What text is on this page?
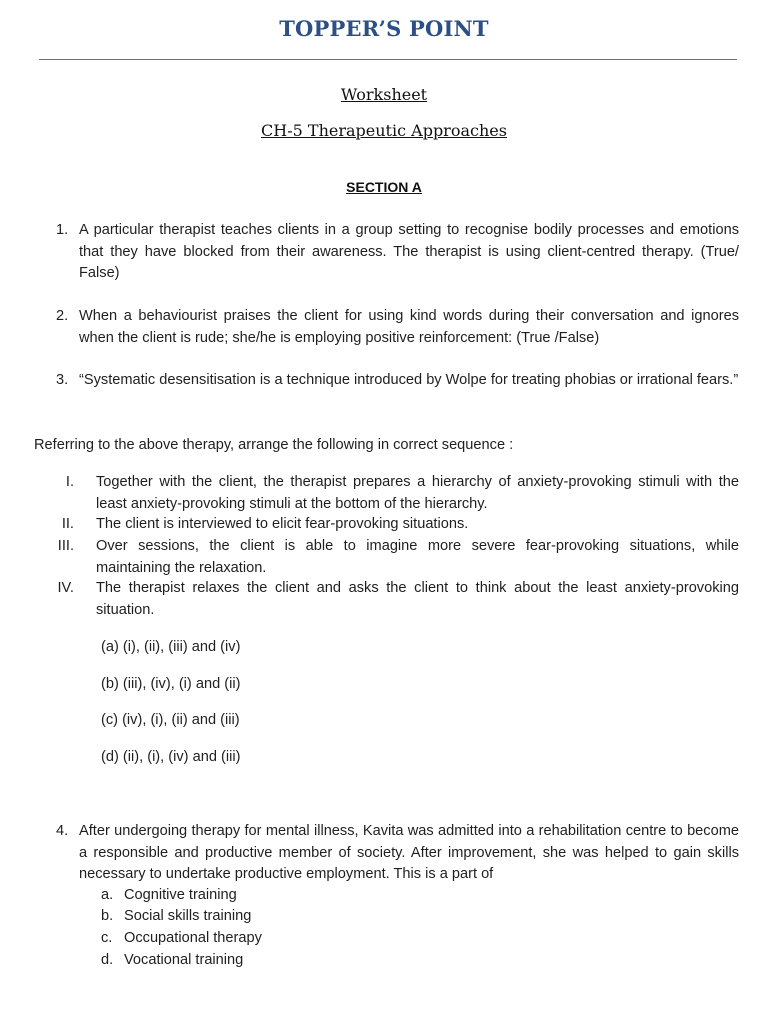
TOPPER’S POINT
Worksheet
CH-5 Therapeutic Approaches
SECTION A
1. A particular therapist teaches clients in a group setting to recognise bodily processes and emotions that they have blocked from their awareness. The therapist is using client-centred therapy. (True/ False)
2. When a behaviourist praises the client for using kind words during their conversation and ignores when the client is rude; she/he is employing positive reinforcement: (True /False)
3. “Systematic desensitisation is a technique introduced by Wolpe for treating phobias or irrational fears.”
Referring to the above therapy, arrange the following in correct sequence :
I. Together with the client, the therapist prepares a hierarchy of anxiety-provoking stimuli with the least anxiety-provoking stimuli at the bottom of the hierarchy.
II. The client is interviewed to elicit fear-provoking situations.
III. Over sessions, the client is able to imagine more severe fear-provoking situations, while maintaining the relaxation.
IV. The therapist relaxes the client and asks the client to think about the least anxiety-provoking situation.
(a) (i), (ii), (iii) and (iv)
(b) (iii), (iv), (i) and (ii)
(c) (iv), (i), (ii) and (iii)
(d) (ii), (i), (iv) and (iii)
4. After undergoing therapy for mental illness, Kavita was admitted into a rehabilitation centre to become a responsible and productive member of society. After improvement, she was helped to gain skills necessary to undertake productive employment. This is a part of
a. Cognitive training
b. Social skills training
c. Occupational therapy
d. Vocational training
